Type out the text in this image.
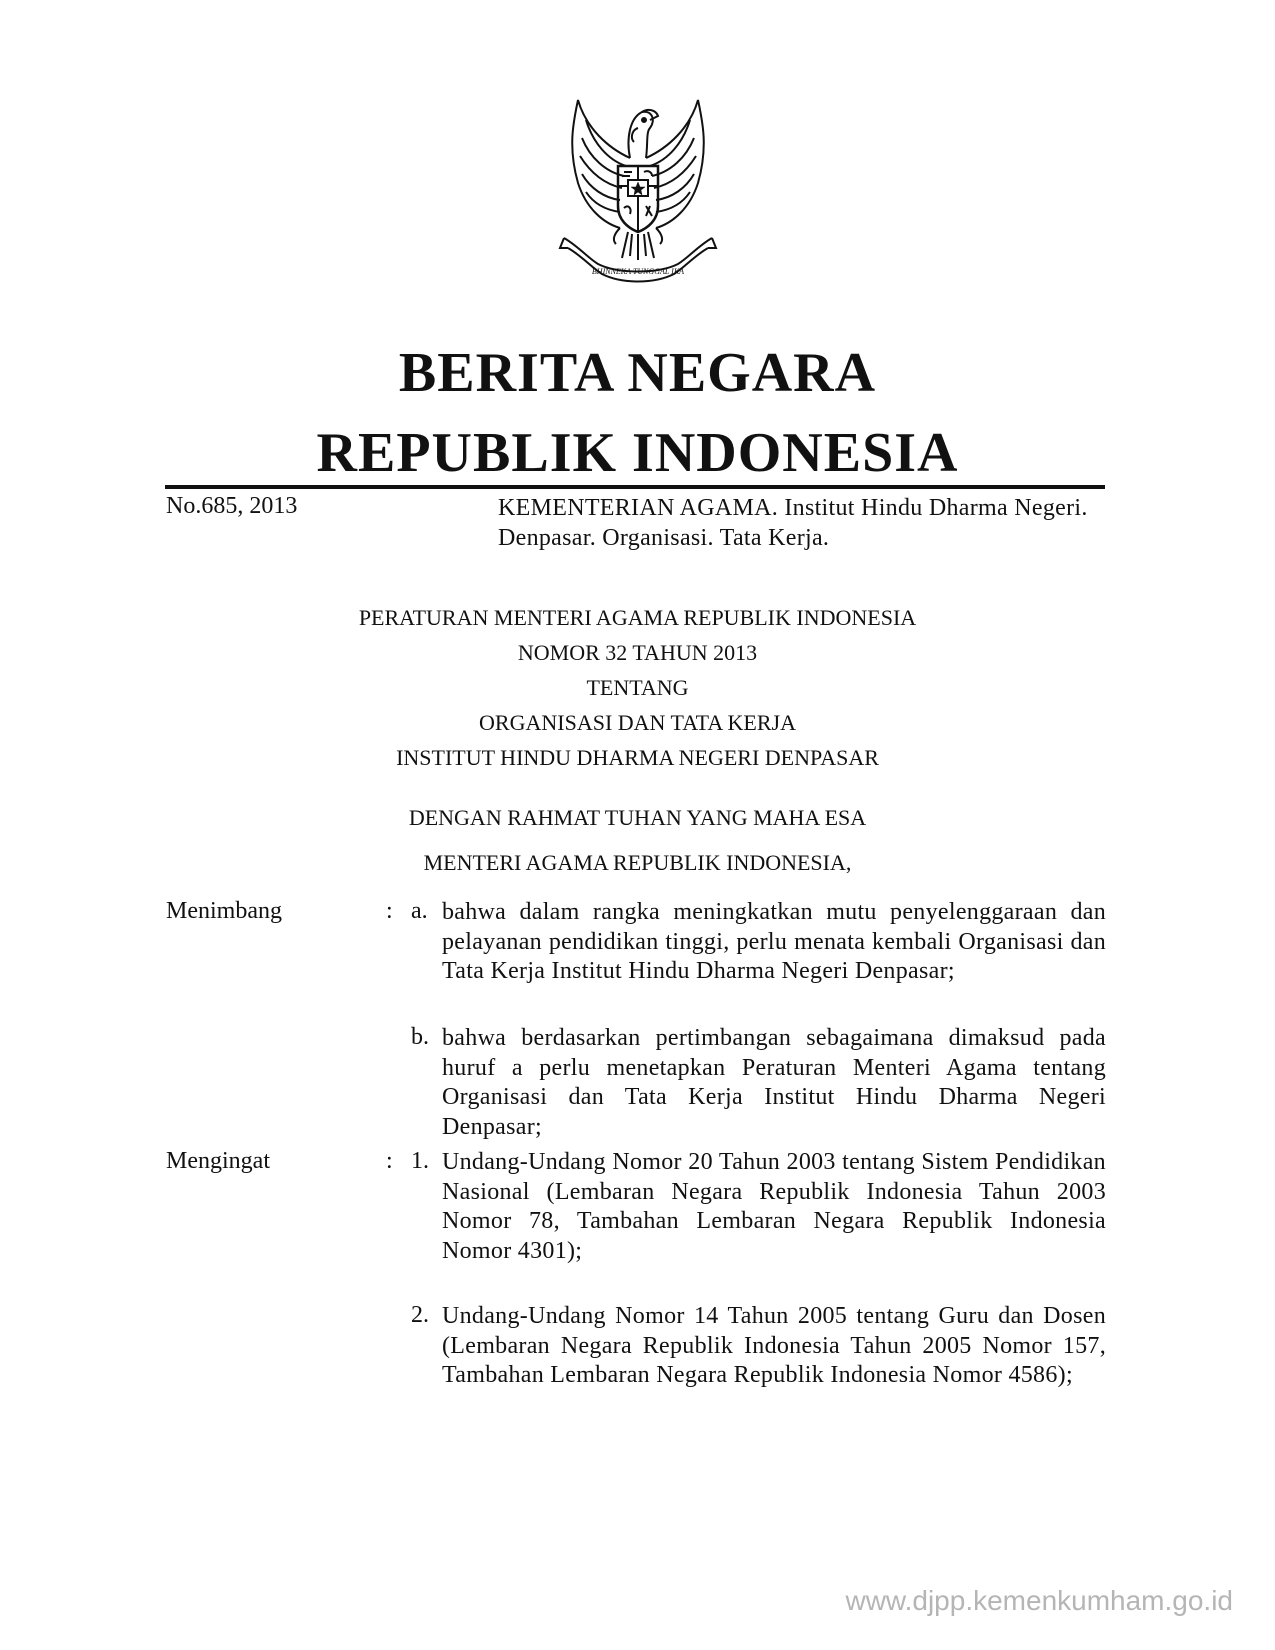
BHINNEKA TUNGGAL IKA
BERITA NEGARA
REPUBLIK INDONESIA
No.685, 2013	KEMENTERIAN AGAMA. Institut Hindu Dharma Negeri. Denpasar. Organisasi. Tata Kerja.
PERATURAN MENTERI AGAMA REPUBLIK INDONESIA
NOMOR 32 TAHUN 2013
TENTANG
ORGANISASI DAN TATA KERJA
INSTITUT HINDU DHARMA NEGERI DENPASAR
DENGAN RAHMAT TUHAN YANG MAHA ESA
MENTERI AGAMA REPUBLIK INDONESIA,
Menimbang	: a. bahwa dalam rangka meningkatkan mutu penyelenggaraan dan pelayanan pendidikan tinggi, perlu menata kembali Organisasi dan Tata Kerja Institut Hindu Dharma Negeri Denpasar;
b. bahwa berdasarkan pertimbangan sebagaimana dimaksud pada huruf a perlu menetapkan Peraturan Menteri Agama tentang Organisasi dan Tata Kerja Institut Hindu Dharma Negeri Denpasar;
Mengingat	: 1. Undang-Undang Nomor 20 Tahun 2003 tentang Sistem Pendidikan Nasional (Lembaran Negara Republik Indonesia Tahun 2003 Nomor 78, Tambahan Lembaran Negara Republik Indonesia Nomor 4301);
2. Undang-Undang Nomor 14 Tahun 2005 tentang Guru dan Dosen (Lembaran Negara Republik Indonesia Tahun 2005 Nomor 157, Tambahan Lembaran Negara Republik Indonesia Nomor 4586);
www.djpp.kemenkumham.go.id
